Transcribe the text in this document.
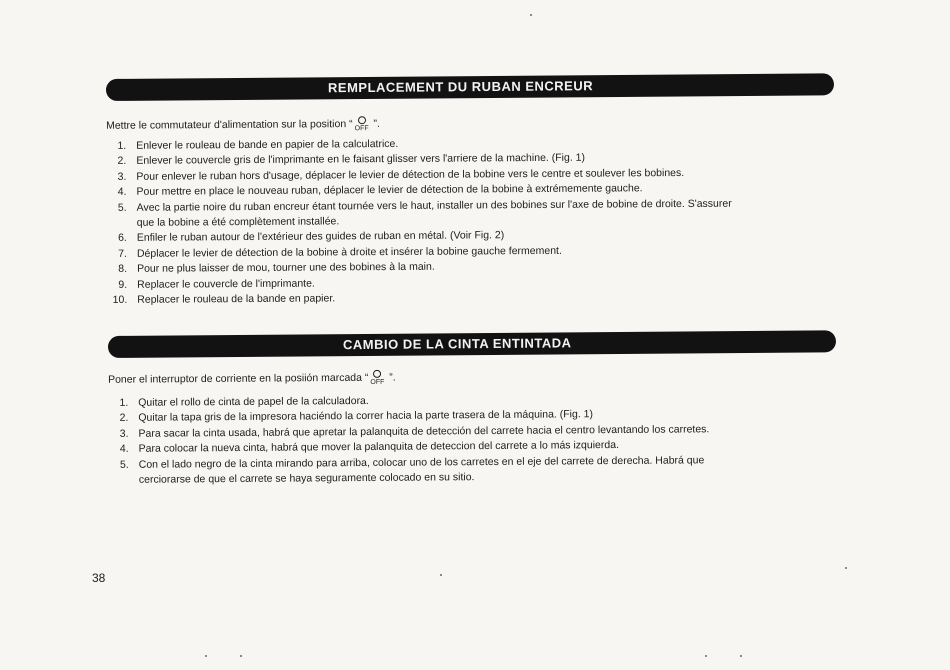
REMPLACEMENT DU RUBAN ENCREUR
Mettre le commutateur d'alimentation sur la position “ OFF ”.
1. Enlever le rouleau de bande en papier de la calculatrice.
2. Enlever le couvercle gris de l'imprimante en le faisant glisser vers l'arriere de la machine. (Fig. 1)
3. Pour enlever le ruban hors d'usage, déplacer le levier de détection de la bobine vers le centre et soulever les bobines.
4. Pour mettre en place le nouveau ruban, déplacer le levier de détection de la bobine à extrémemente gauche.
5. Avec la partie noire du ruban encreur étant tournée vers le haut, installer un des bobines sur l'axe de bobine de droite. S'assurer
que la bobine a été complètement installée.
6. Enfiler le ruban autour de l'extérieur des guides de ruban en métal. (Voir Fig. 2)
7. Déplacer le levier de détection de la bobine à droite et insérer la bobine gauche fermement.
8. Pour ne plus laisser de mou, tourner une des bobines à la main.
9. Replacer le couvercle de l'imprimante.
10. Replacer le rouleau de la bande en papier.
CAMBIO DE LA CINTA ENTINTADA
Poner el interruptor de corriente en la posiión marcada “ OFF ”.
1. Quitar el rollo de cinta de papel de la calculadora.
2. Quitar la tapa gris de la impresora haciéndo la correr hacia la parte trasera de la máquina. (Fig. 1)
3. Para sacar la cinta usada, habrá que apretar la palanquita de detección del carrete hacia el centro levantando los carretes.
4. Para colocar la nueva cinta, habrá que mover la palanquita de deteccion del carrete a lo más izquierda.
5. Con el lado negro de la cinta mirando para arriba, colocar uno de los carretes en el eje del carrete de derecha. Habrá que
cerciorarse de que el carrete se haya seguramente colocado en su sitio.
38
